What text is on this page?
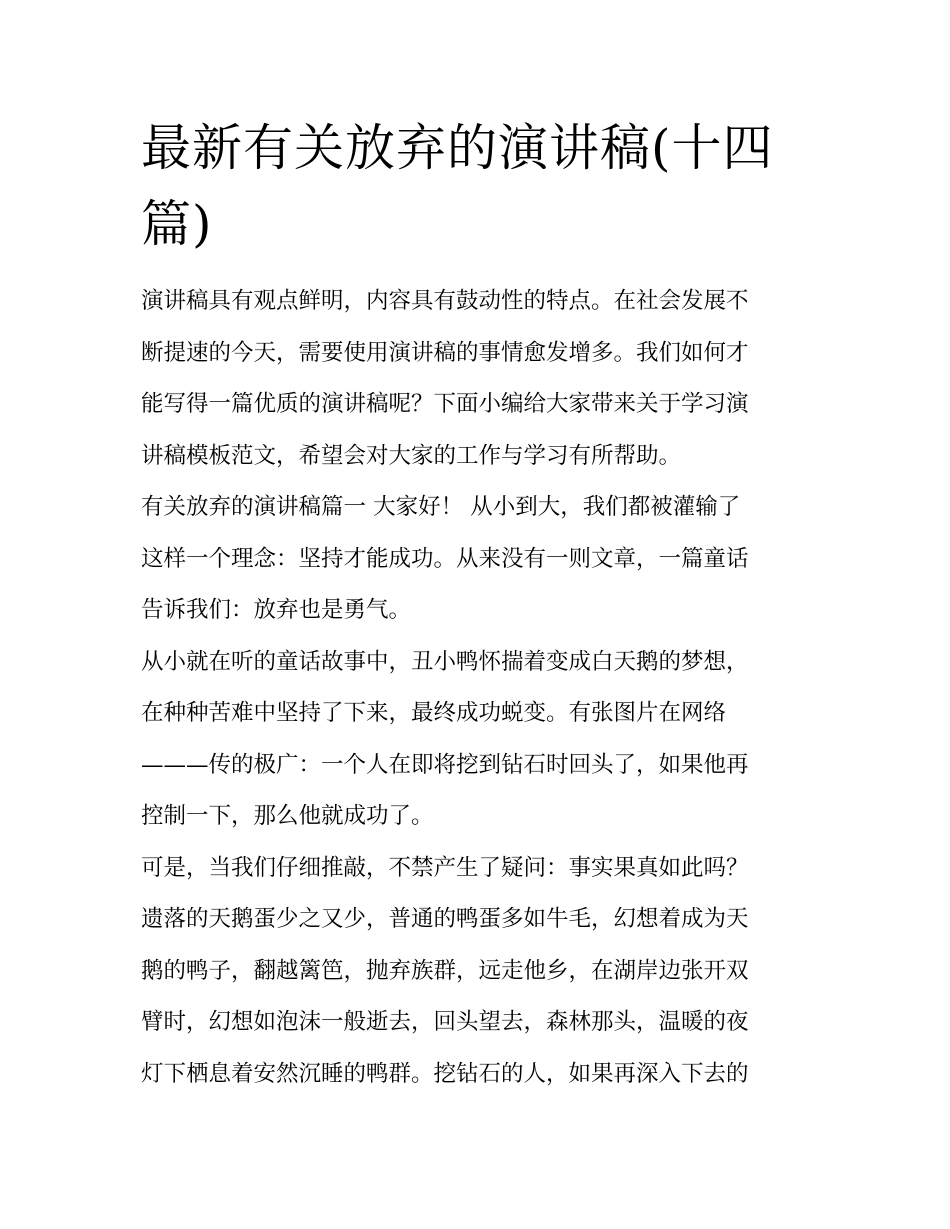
最新有关放弃的演讲稿(十四
篇)

演讲稿具有观点鲜明，内容具有鼓动性的特点。在社会发展不
断提速的今天，需要使用演讲稿的事情愈发增多。我们如何才
能写得一篇优质的演讲稿呢？下面小编给大家带来关于学习演
讲稿模板范文，希望会对大家的工作与学习有所帮助。

有关放弃的演讲稿篇一 大家好！ 从小到大，我们都被灌输了
这样一个理念：坚持才能成功。从来没有一则文章，一篇童话
告诉我们：放弃也是勇气。

从小就在听的童话故事中，丑小鸭怀揣着变成白天鹅的梦想，
在种种苦难中坚持了下来，最终成功蜕变。有张图片在网络
———传的极广：一个人在即将挖到钻石时回头了，如果他再
控制一下，那么他就成功了。

可是，当我们仔细推敲，不禁产生了疑问：事实果真如此吗？
遗落的天鹅蛋少之又少，普通的鸭蛋多如牛毛，幻想着成为天
鹅的鸭子，翻越篱笆，抛弃族群，远走他乡，在湖岸边张开双
臂时，幻想如泡沫一般逝去，回头望去，森林那头，温暖的夜
灯下栖息着安然沉睡的鸭群。挖钻石的人，如果再深入下去的
